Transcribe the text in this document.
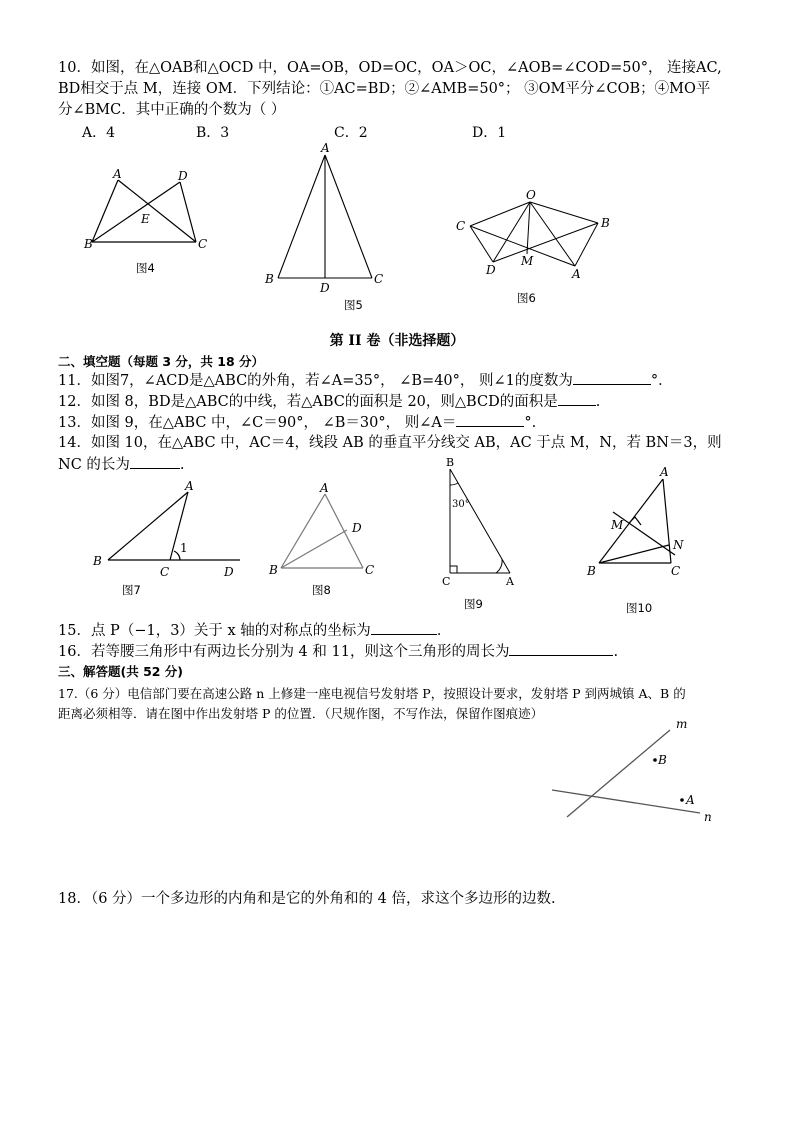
10．如图，在△OAB和△OCD 中，OA=OB，OD=OC，OA＞OC，∠AOB=∠COD=50°， 连接AC,
BD相交于点 M，连接 OM．下列结论：①AC=BD；②∠AMB=50°； ③OM平分∠COB；④MO平
分∠BMC．其中正确的个数为（ ）
A．4	B．3	C．2	D．1
A	D
E
B	C
图4
A
B
D
C
图5
O
C	B
D
M
A
图6
第 II 卷（非选择题）
二、填空题（每题 3 分，共 18 分）
11．如图7，∠ACD是△ABC的外角，若∠A=35°， ∠B=40°， 则∠1的度数为	°．
12．如图 8，BD是△ABC的中线，若△ABC的面积是 20，则△BCD的面积是	.
13．如图 9，在△ABC 中，∠C＝90°， ∠B＝30°， 则∠A＝	°.
14．如图 10，在△ABC 中，AC＝4，线段 AB 的垂直平分线交 AB，AC 于点 M，N，若 BN＝3，则
NC 的长为	.
A
B
C	D
1
图7
A
D
B	C
图8
B
30°
C	A
图9
A
M
N
B	C
图10
15．点 P（−1，3）关于 x 轴的对称点的坐标为	．
16．若等腰三角形中有两边长分别为 4 和 11，则这个三角形的周长为	.
三、解答题(共 52 分)
17.（6 分）电信部门要在高速公路 n 上修建一座电视信号发射塔 P，按照设计要求，发射塔 P 到两城镇 A、B 的
距离必须相等．请在图中作出发射塔 P 的位置．（尺规作图，不写作法，保留作图痕迹）
m
B
A
n
18．（6 分）一个多边形的内角和是它的外角和的 4 倍，求这个多边形的边数.
